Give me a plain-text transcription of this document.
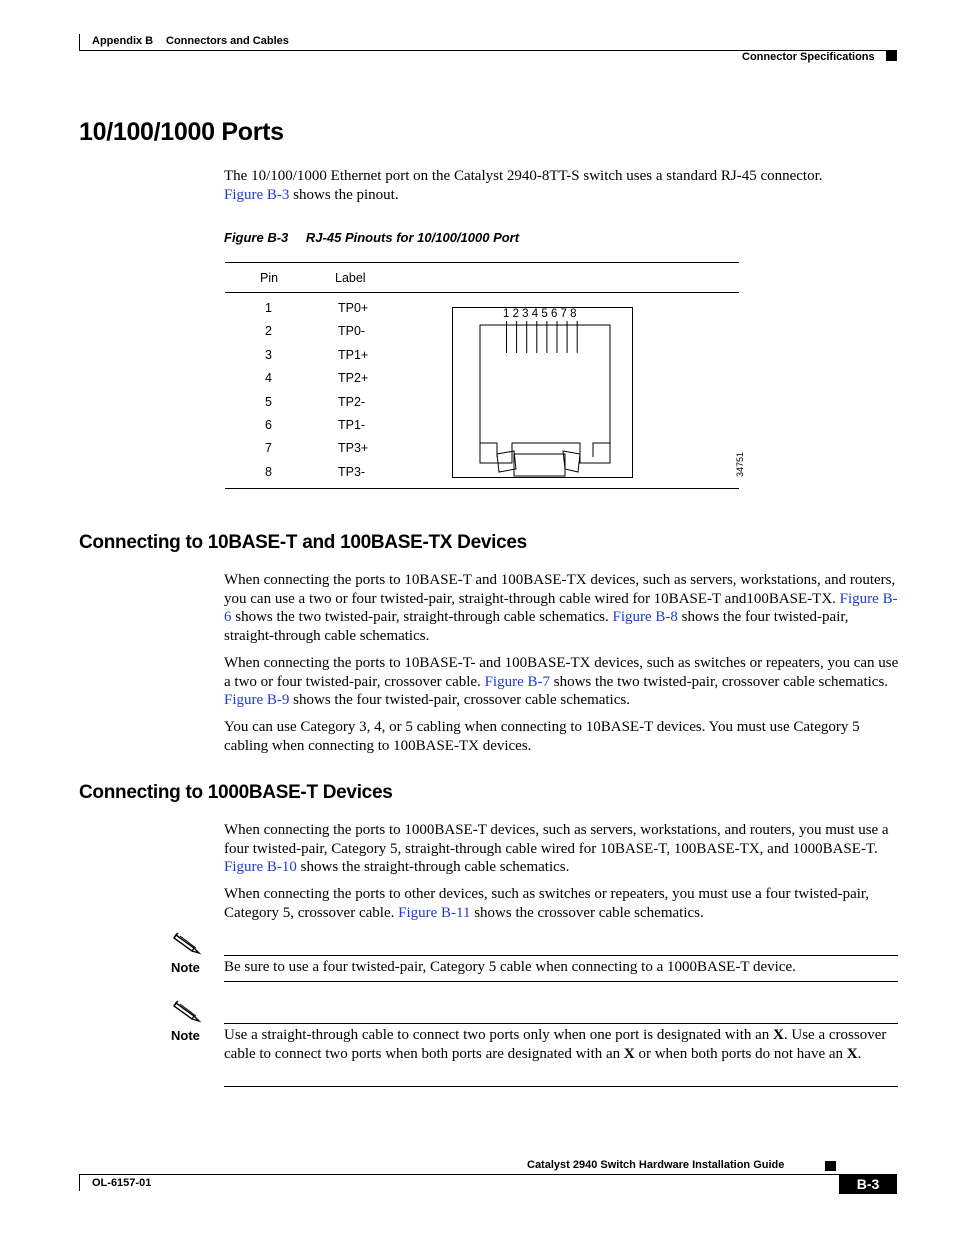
Appendix B Connectors and Cables
Connector Specifications
10/100/1000 Ports

The 10/100/1000 Ethernet port on the Catalyst 2940-8TT-S switch uses a standard RJ-45 connector.
Figure B-3 shows the pinout.

Figure B-3 RJ-45 Pinouts for 10/100/1000 Port
Pin	Label
1	TP0+
2	TP0-
3	TP1+
4	TP2+
5	TP2-
6	TP1-
7	TP3+
8	TP3-
1 2 3 4 5 6 7 8
34751
Connecting to 10BASE-T and 100BASE-TX Devices

When connecting the ports to 10BASE-T and 100BASE-TX devices, such as servers, workstations, and routers, you can use a two or four twisted-pair, straight-through cable wired for 10BASE-T and100BASE-TX. Figure B-6 shows the two twisted-pair, straight-through cable schematics. Figure B-8 shows the four twisted-pair, straight-through cable schematics.

When connecting the ports to 10BASE-T- and 100BASE-TX devices, such as switches or repeaters, you can use a two or four twisted-pair, crossover cable. Figure B-7 shows the two twisted-pair, crossover cable schematics. Figure B-9 shows the four twisted-pair, crossover cable schematics.

You can use Category 3, 4, or 5 cabling when connecting to 10BASE-T devices. You must use Category 5 cabling when connecting to 100BASE-TX devices.

Connecting to 1000BASE-T Devices

When connecting the ports to 1000BASE-T devices, such as servers, workstations, and routers, you must use a four twisted-pair, Category 5, straight-through cable wired for 10BASE-T, 100BASE-TX, and 1000BASE-T. Figure B-10 shows the straight-through cable schematics.

When connecting the ports to other devices, such as switches or repeaters, you must use a four twisted-pair, Category 5, crossover cable. Figure B-11 shows the crossover cable schematics.

Note Be sure to use a four twisted-pair, Category 5 cable when connecting to a 1000BASE-T device.

Note Use a straight-through cable to connect two ports only when one port is designated with an X. Use a crossover cable to connect two ports when both ports are designated with an X or when both ports do not have an X.

Catalyst 2940 Switch Hardware Installation Guide
OL-6157-01	B-3
